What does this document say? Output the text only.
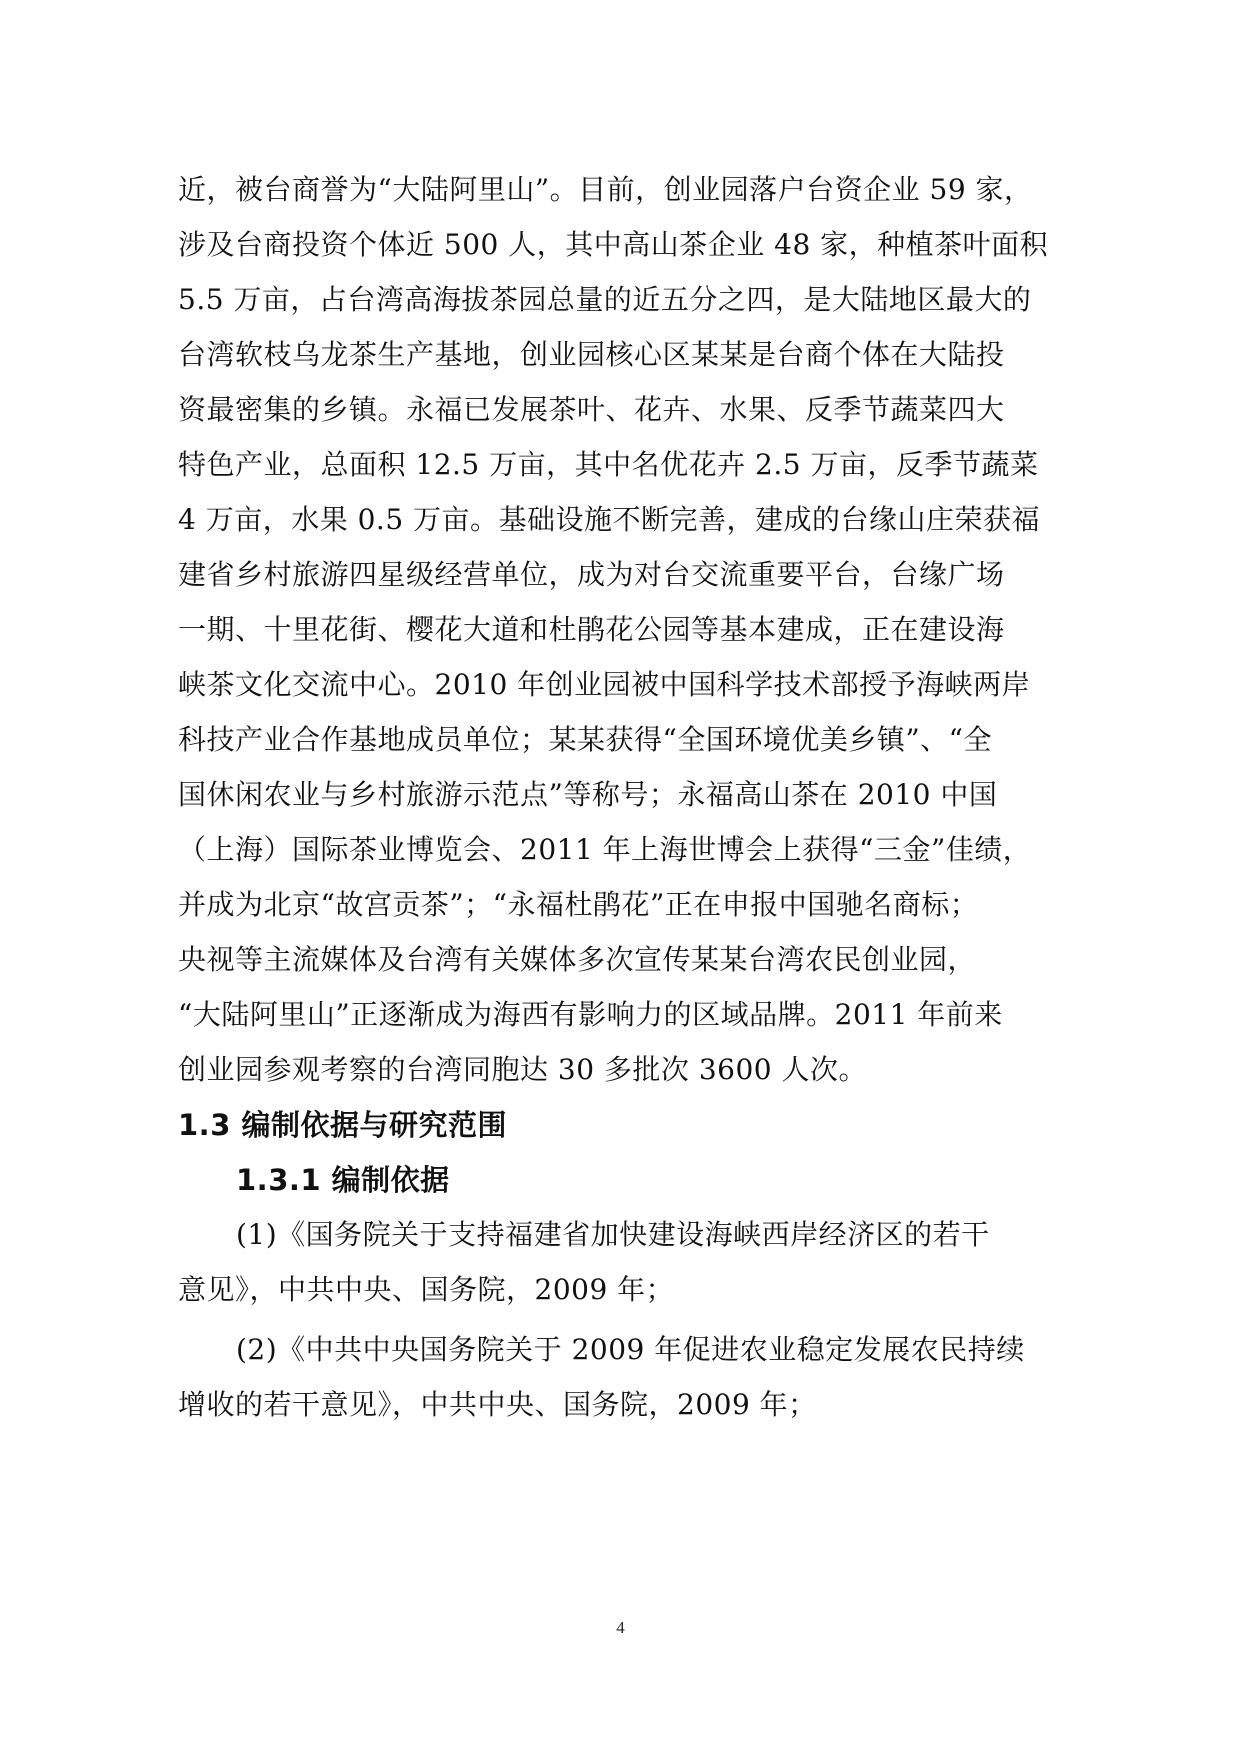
近，被台商誉为“大陆阿里山”。目前，创业园落户台资企业 59 家，
涉及台商投资个体近 500 人，其中高山茶企业 48 家，种植茶叶面积
5.5 万亩，占台湾高海拔茶园总量的近五分之四，是大陆地区最大的
台湾软枝乌龙茶生产基地，创业园核心区某某是台商个体在大陆投
资最密集的乡镇。永福已发展茶叶、花卉、水果、反季节蔬菜四大
特色产业，总面积 12.5 万亩，其中名优花卉 2.5 万亩，反季节蔬菜
4 万亩，水果 0.5 万亩。基础设施不断完善，建成的台缘山庄荣获福
建省乡村旅游四星级经营单位，成为对台交流重要平台，台缘广场
一期、十里花街、樱花大道和杜鹃花公园等基本建成，正在建设海
峡茶文化交流中心。2010 年创业园被中国科学技术部授予海峡两岸
科技产业合作基地成员单位；某某获得“全国环境优美乡镇”、“全
国休闲农业与乡村旅游示范点”等称号；永福高山茶在 2010 中国
（上海）国际茶业博览会、2011 年上海世博会上获得“三金”佳绩，
并成为北京“故宫贡茶”；“永福杜鹃花”正在申报中国驰名商标；
央视等主流媒体及台湾有关媒体多次宣传某某台湾农民创业园，
“大陆阿里山”正逐渐成为海西有影响力的区域品牌。2011 年前来
创业园参观考察的台湾同胞达 30 多批次 3600 人次。
1.3 编制依据与研究范围
1.3.1 编制依据
(1)《国务院关于支持福建省加快建设海峡西岸经济区的若干
意见》，中共中央、国务院，2009 年；
(2)《中共中央国务院关于 2009 年促进农业稳定发展农民持续
增收的若干意见》，中共中央、国务院，2009 年；
4
